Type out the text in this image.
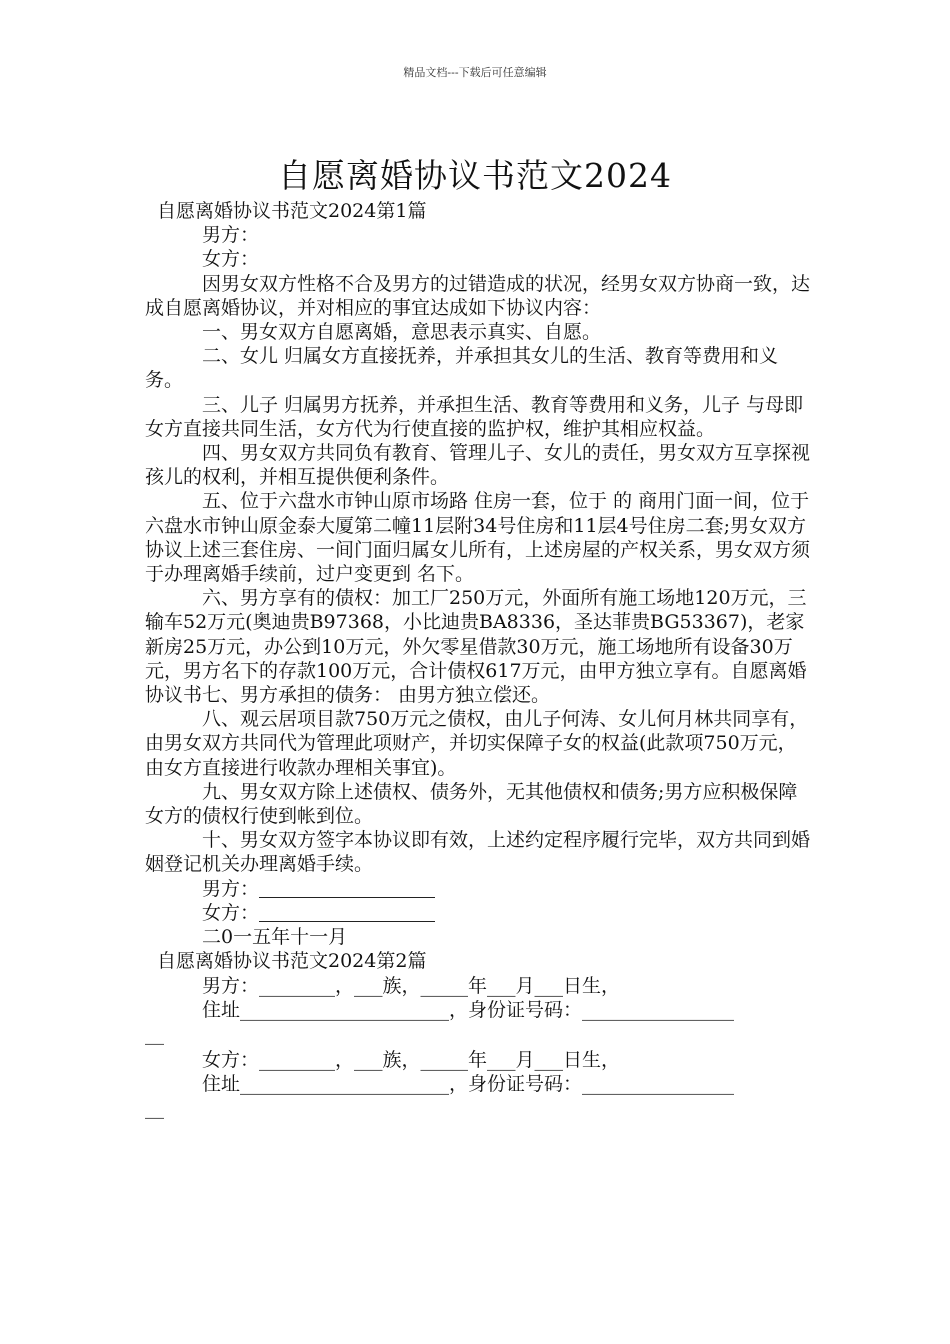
精品文档---下载后可任意编辑
自愿离婚协议书范文2024

自愿离婚协议书范文2024第1篇

男方：

女方：

因男女双方性格不合及男方的过错造成的状况，经男女双方协商一致，达成自愿离婚协议，并对相应的事宜达成如下协议内容：

一、男女双方自愿离婚，意思表示真实、自愿。

二、女儿 归属女方直接抚养，并承担其女儿的生活、教育等费用和义务。

三、儿子 归属男方抚养，并承担生活、教育等费用和义务，儿子 与母即女方直接共同生活，女方代为行使直接的监护权，维护其相应权益。

四、男女双方共同负有教育、管理儿子、女儿的责任，男女双方互享探视孩儿的权利，并相互提供便利条件。

五、位于六盘水市钟山原市场路 住房一套，位于 的 商用门面一间，位于六盘水市钟山原金泰大厦第二幢11层附34号住房和11层4号住房二套;男女双方协议上述三套住房、一间门面归属女儿所有，上述房屋的产权关系，男女双方须于办理离婚手续前，过户变更到 名下。

六、男方享有的债权：加工厂250万元，外面所有施工场地120万元，三输车52万元(奥迪贵B97368，小比迪贵BA8336，圣达菲贵BG53367)，老家新房25万元，办公到10万元，外欠零星借款30万元，施工场地所有设备30万元，男方名下的存款100万元，合计债权617万元，由甲方独立享有。自愿离婚协议书七、男方承担的债务： 由男方独立偿还。

八、观云居项目款750万元之债权，由儿子何涛、女儿何月林共同享有，由男女双方共同代为管理此项财产，并切实保障子女的权益(此款项750万元，由女方直接进行收款办理相关事宜)。

九、男女双方除上述债权、债务外，无其他债权和债务;男方应积极保障女方的债权行使到帐到位。

十、男女双方签字本协议即有效，上述约定程序履行完毕，双方共同到婚姻登记机关办理离婚手续。

男方：

女方：

二0一五年十一月

自愿离婚协议书范文2024第2篇

男方：________，___族，_____年___月___日生，

住址______________________，身份证号码：________________

__

女方：________，___族，_____年___月___日生，

住址______________________，身份证号码：________________

__
